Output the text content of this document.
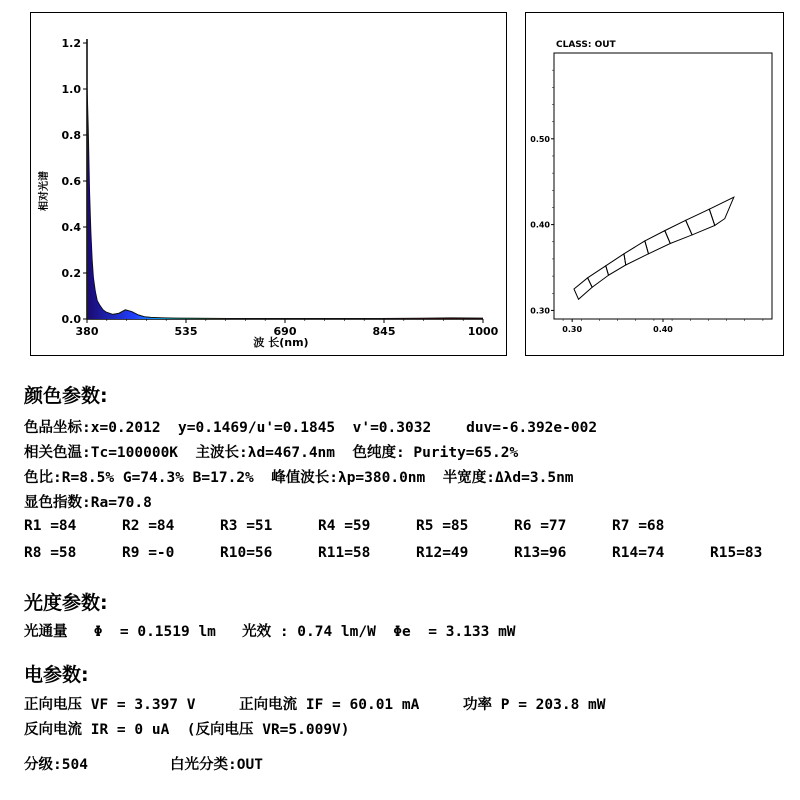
1.2
1.0
0.8
0.6
0.4
0.2
0.0
380	535	690	845	1000
相对光谱
波 长(nm)
CLASS: OUT
0.50
0.40
0.30
0.30	0.40
颜色参数:
色品坐标:x=0.2012  y=0.1469/u'=0.1845  v'=0.3032    duv=-6.392e-002
相关色温:Tc=100000K  主波长:λd=467.4nm  色纯度: Purity=65.2%
色比:R=8.5% G=74.3% B=17.2%  峰值波长:λp=380.0nm  半宽度:Δλd=3.5nm
显色指数:Ra=70.8
R1 =84	R2 =84	R3 =51	R4 =59	R5 =85	R6 =77	R7 =68
R8 =58	R9 =-0	R10=56	R11=58	R12=49	R13=96	R14=74	R15=83
光度参数:
光通量   Φ  = 0.1519 lm   光效 : 0.74 lm/W  Φe  = 3.133 mW
电参数:
正向电压 VF = 3.397 V     正向电流 IF = 60.01 mA     功率 P = 203.8 mW
反向电流 IR = 0 uA  (反向电压 VR=5.009V)
分级:504	白光分类:OUT
